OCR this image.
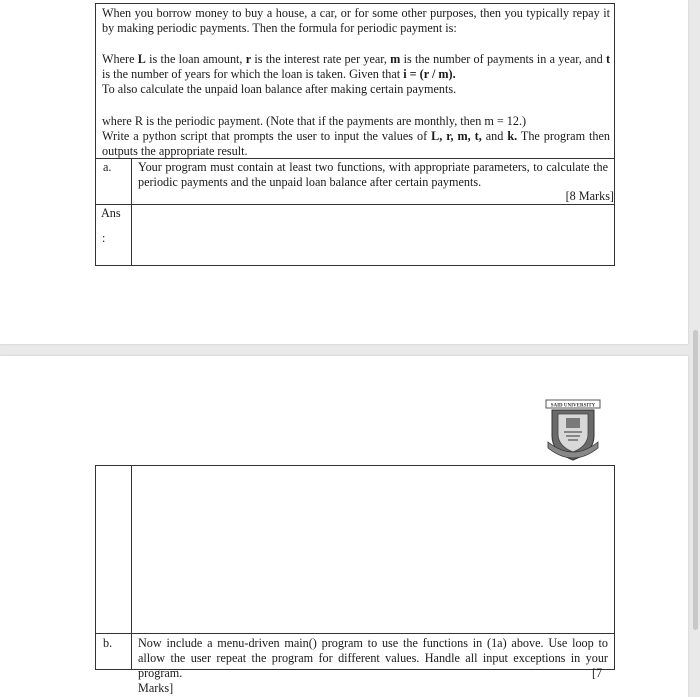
When you borrow money to buy a house, a car, or for some other purposes, then you typically repay it by making periodic payments. Then the formula for periodic payment is:
Where L is the loan amount, r is the interest rate per year, m is the number of payments in a year, and t is the number of years for which the loan is taken. Given that i = (r / m).
To also calculate the unpaid loan balance after making certain payments.
where R is the periodic payment. (Note that if the payments are monthly, then m = 12.)
Write a python script that prompts the user to input the values of L, r, m, t, and k. The program then outputs the appropriate result.
a. Your program must contain at least two functions, with appropriate parameters, to calculate the periodic payments and the unpaid loan balance after certain payments.
[8 Marks]
Ans
:
SAID UNIVERSITY
b. Now include a menu-driven main() program to use the functions in (1a) above. Use loop to allow the user repeat the program for different values. Handle all input exceptions in your program.	[7
Marks]
